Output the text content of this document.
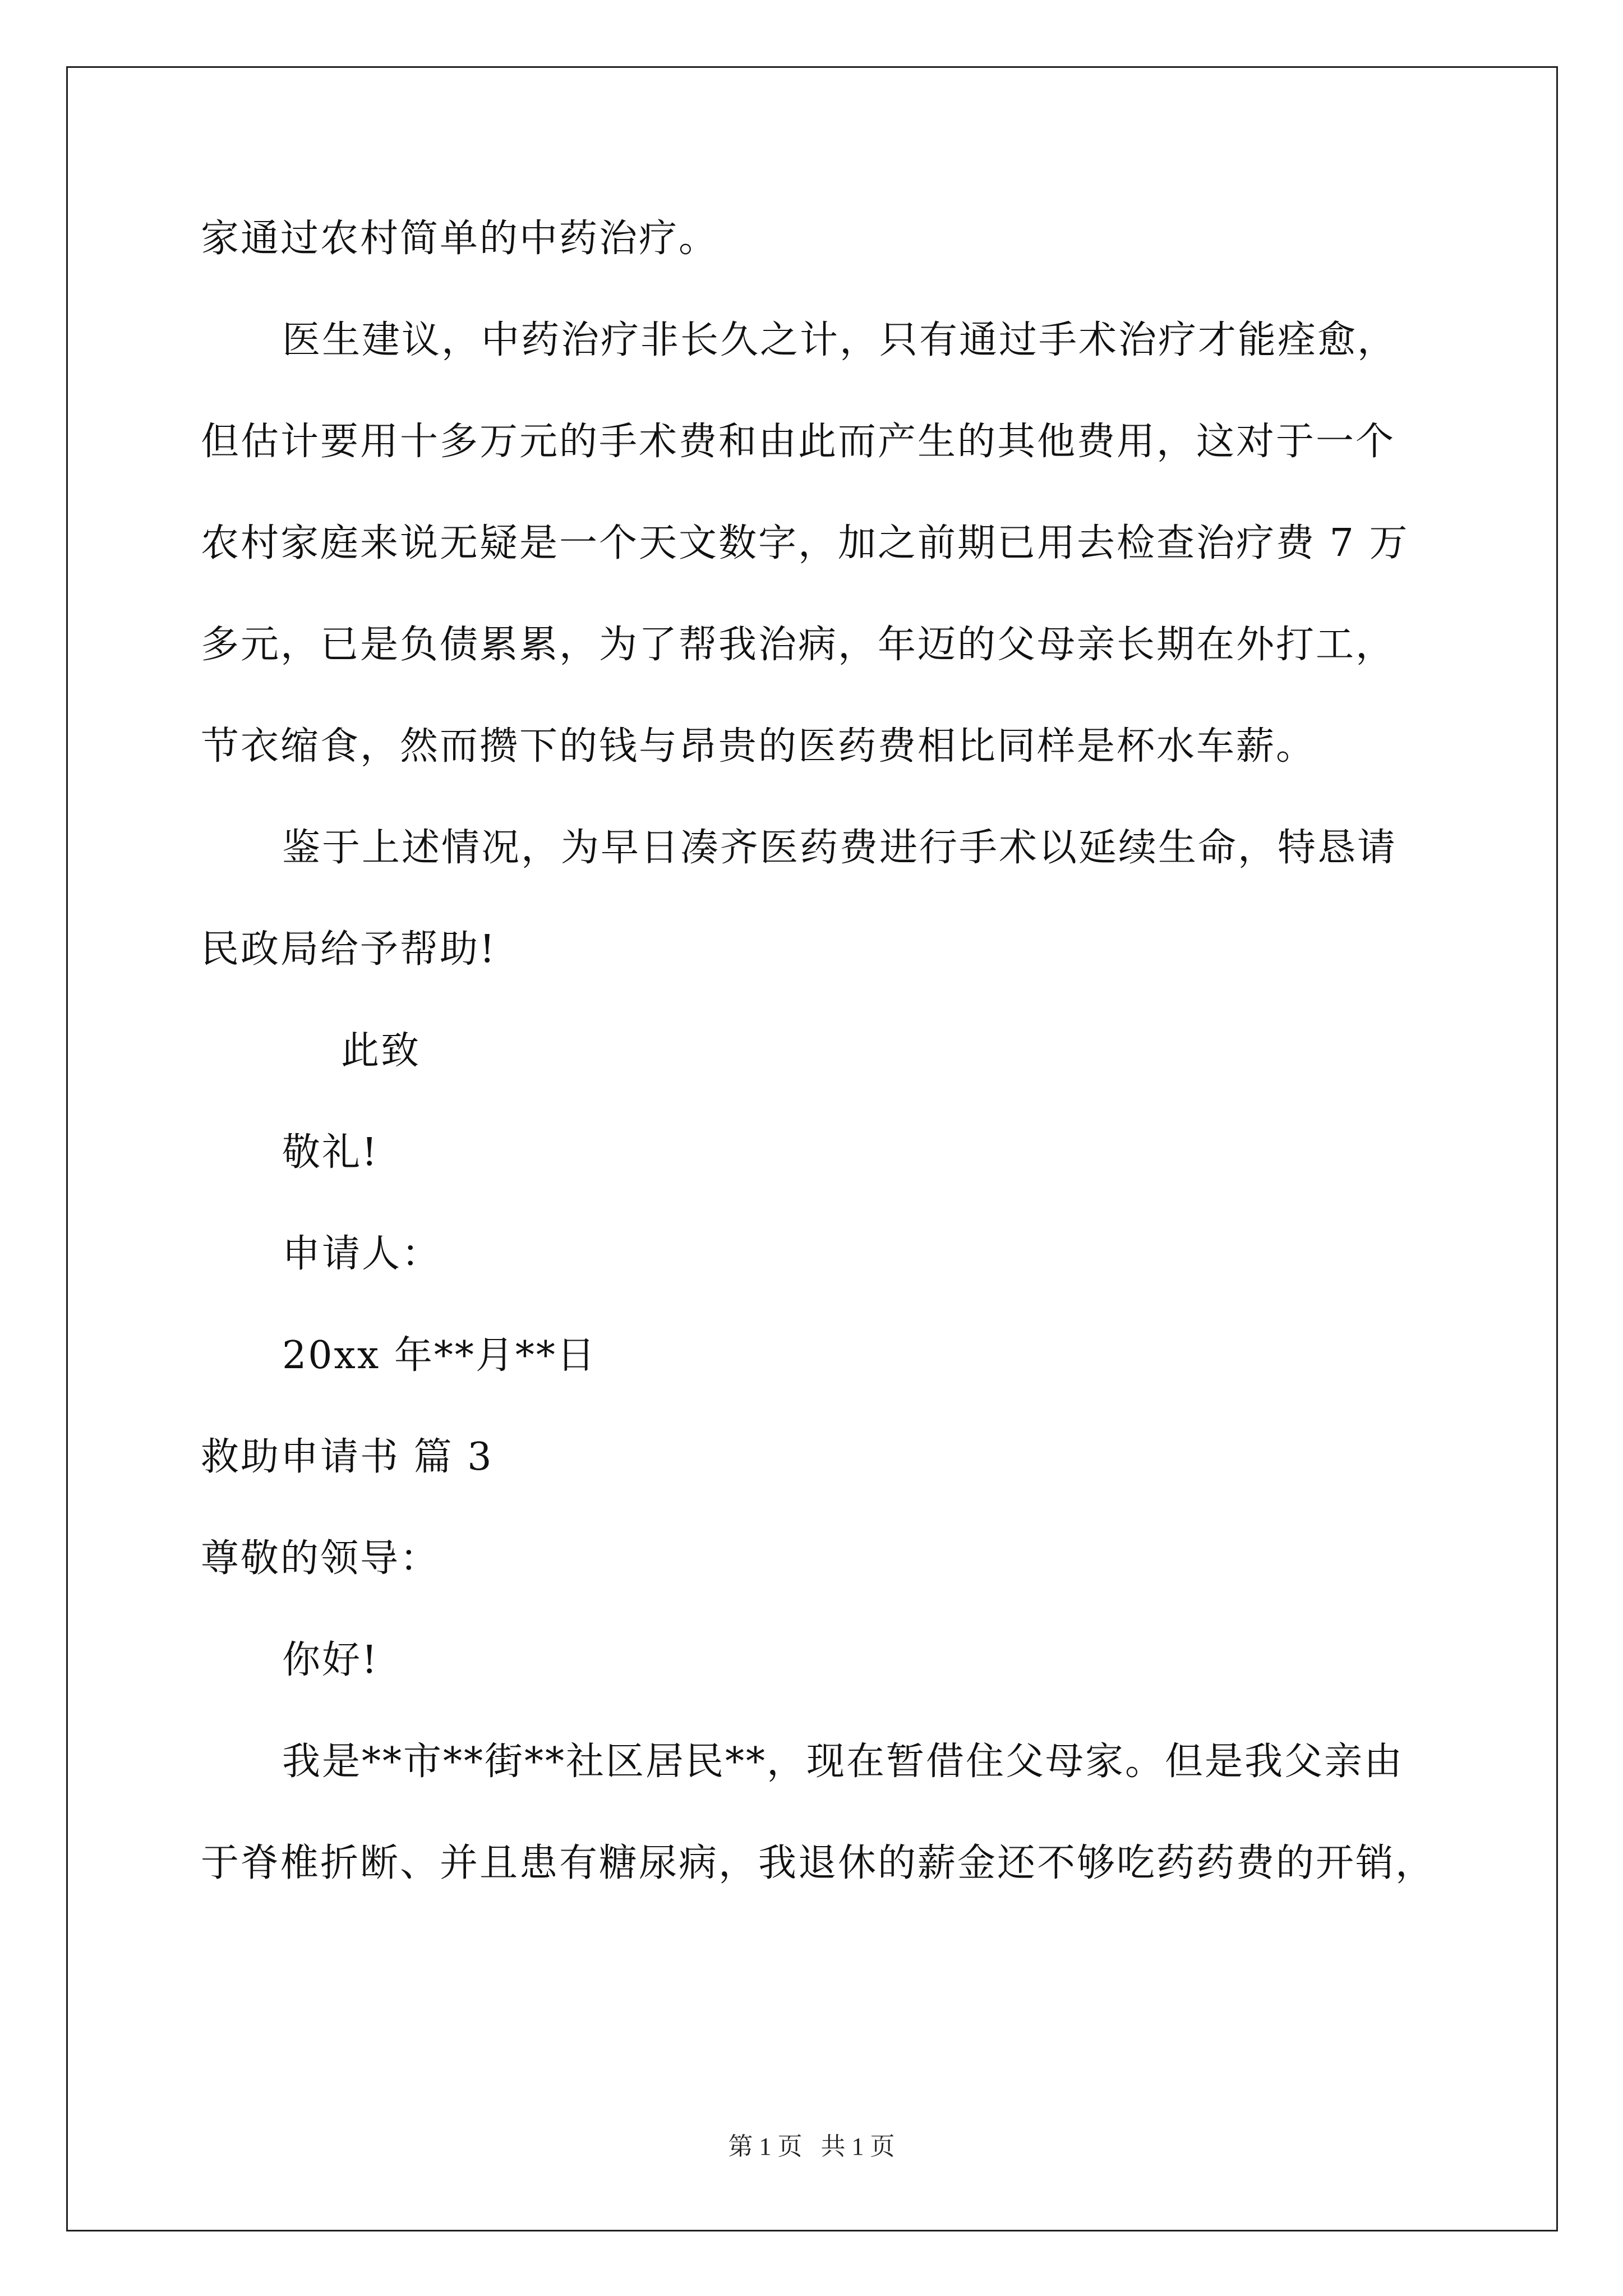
家通过农村简单的中药治疗。
医生建议，中药治疗非长久之计，只有通过手术治疗才能痊愈，
但估计要用十多万元的手术费和由此而产生的其他费用，这对于一个
农村家庭来说无疑是一个天文数字，加之前期已用去检查治疗费 7 万
多元，已是负债累累，为了帮我治病，年迈的父母亲长期在外打工，
节衣缩食，然而攒下的钱与昂贵的医药费相比同样是杯水车薪。
鉴于上述情况，为早日凑齐医药费进行手术以延续生命，特恳请
民政局给予帮助!
此致
敬礼!
申请人：
20xx 年**月**日
救助申请书 篇 3
尊敬的领导：
你好!
我是**市**街**社区居民**，现在暂借住父母家。但是我父亲由
于脊椎折断、并且患有糖尿病，我退休的薪金还不够吃药药费的开销，
第 1 页   共 1 页
